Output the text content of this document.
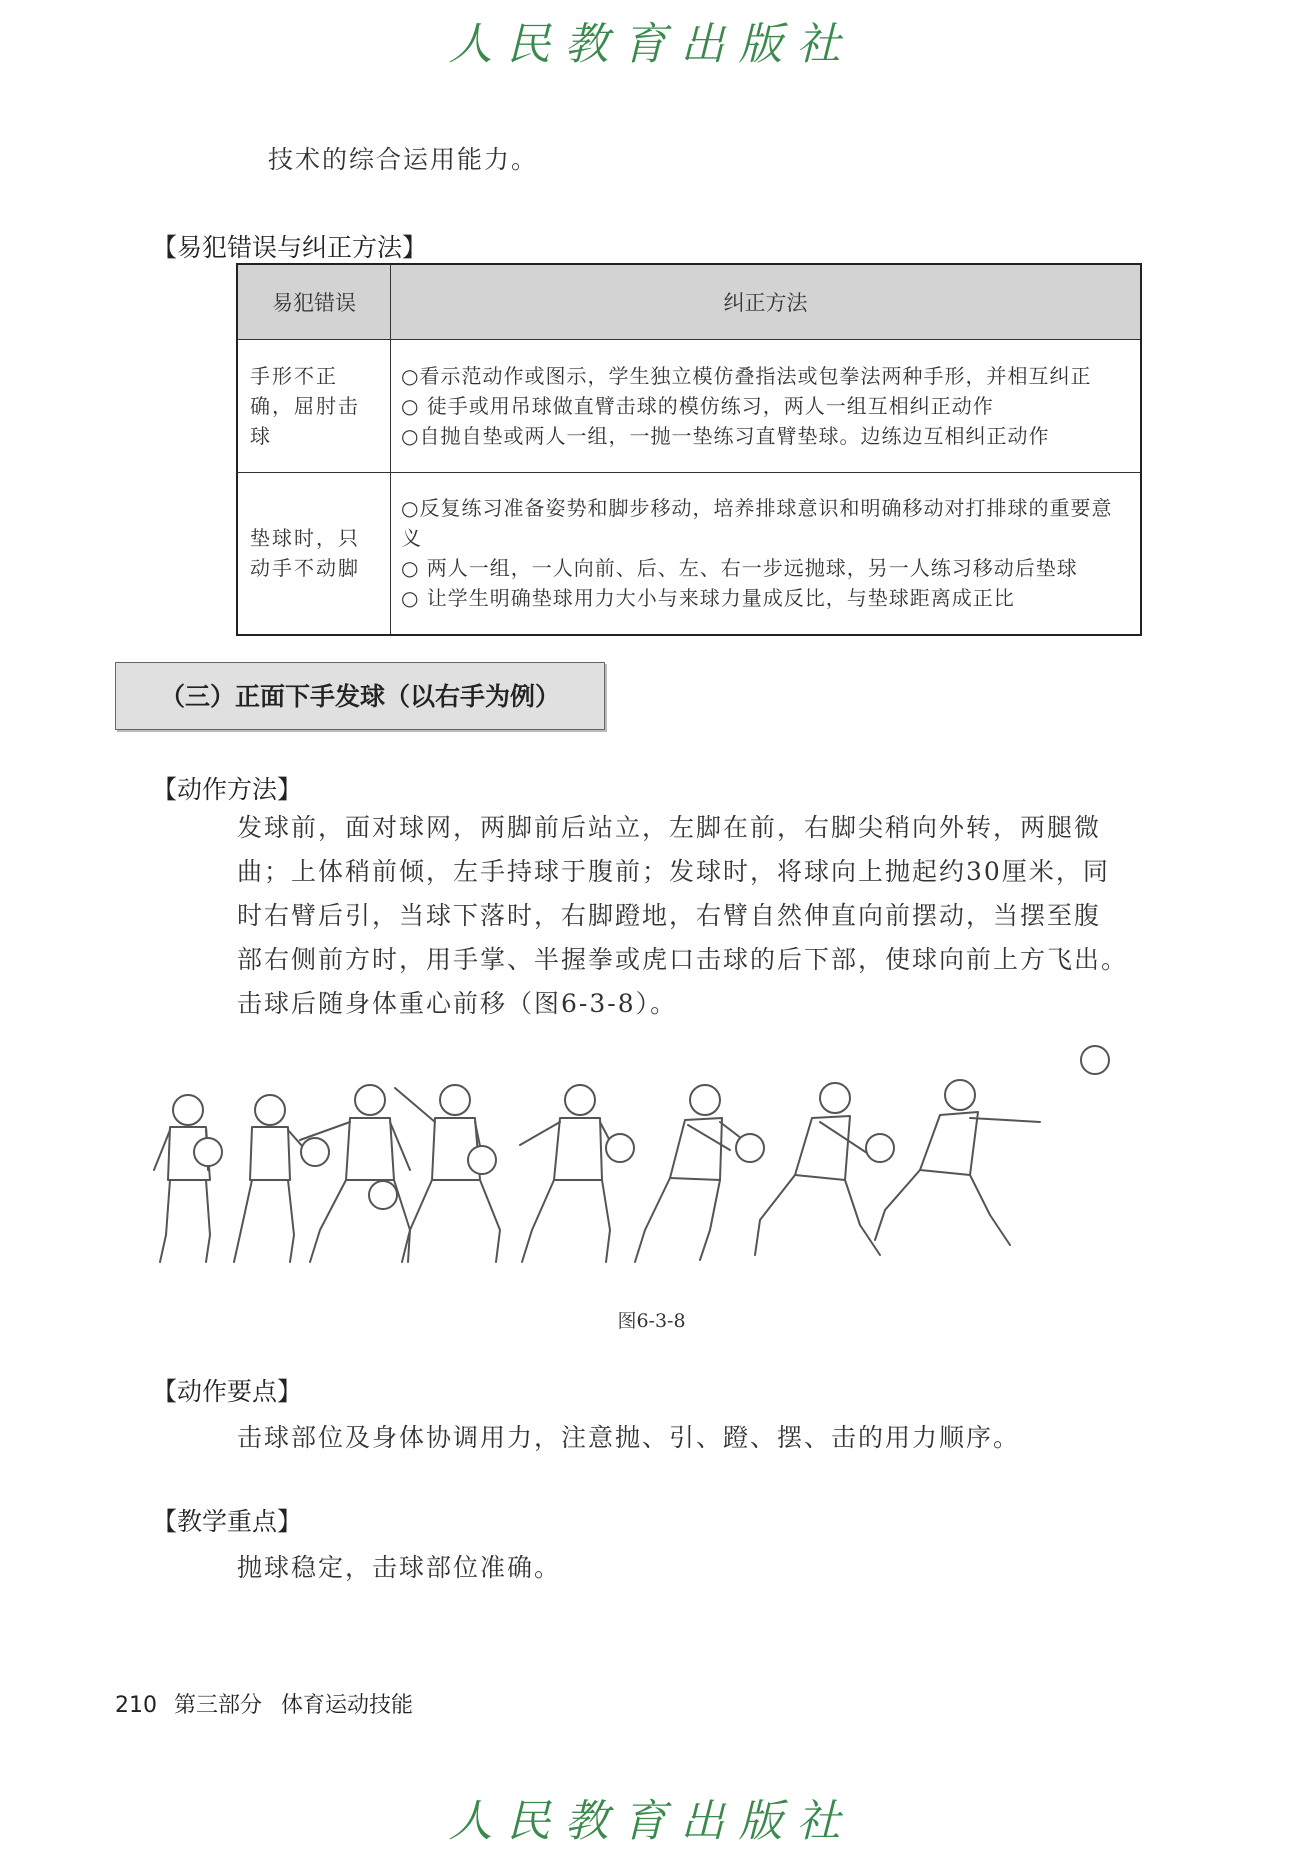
人民教育出版社
技术的综合运用能力。
【易犯错误与纠正方法】
易犯错误	纠正方法
手形不正确，屈肘击球	○看示范动作或图示，学生独立模仿叠指法或包拳法两种手形，并相互纠正
○ 徒手或用吊球做直臂击球的模仿练习，两人一组互相纠正动作
○自抛自垫或两人一组，一抛一垫练习直臂垫球。边练边互相纠正动作

垫球时，只动手不动脚	○反复练习准备姿势和脚步移动，培养排球意识和明确移动对打排球的重要意义
○ 两人一组，一人向前、后、左、右一步远抛球，另一人练习移动后垫球
○ 让学生明确垫球用力大小与来球力量成反比，与垫球距离成正比
（三）正面下手发球（以右手为例）
【动作方法】
发球前，面对球网，两脚前后站立，左脚在前，右脚尖稍向外转，两腿微
曲；上体稍前倾，左手持球于腹前；发球时，将球向上抛起约30厘米，同
时右臂后引，当球下落时，右脚蹬地，右臂自然伸直向前摆动，当摆至腹
部右侧前方时，用手掌、半握拳或虎口击球的后下部，使球向前上方飞出。
击球后随身体重心前移（图6-3-8）。
图6-3-8
【动作要点】
击球部位及身体协调用力，注意抛、引、蹬、摆、击的用力顺序。
【教学重点】
抛球稳定，击球部位准确。
210 第三部分 体育运动技能
人民教育出版社
